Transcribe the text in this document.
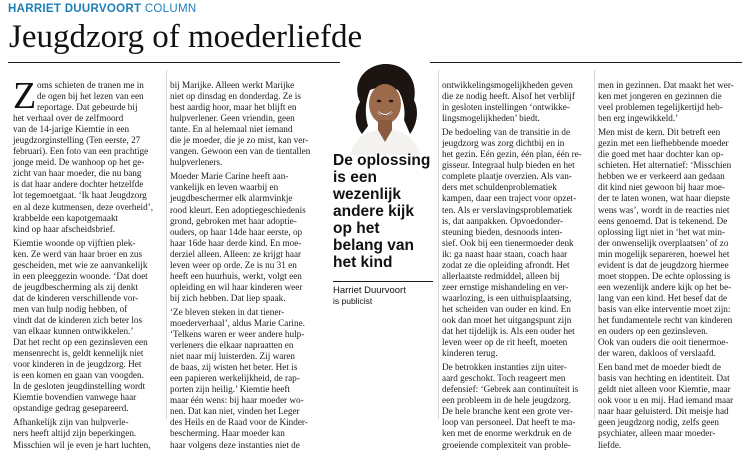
HARRIET DUURVOORT COLUMN
Jeugdzorg of moederliefde
Z oms schieten de tranen me in
de ogen bij het lezen van een
reportage. Dat gebeurde bij
het verhaal over de zelfmoord
van de 14-jarige Kiemtie in een
jeugdzorginstelling (Ten eerste, 27
februari). Een foto van een prachtige
jonge meid. De wanhoop op het ge-
zicht van haar moeder, die nu bang
is dat haar andere dochter hetzelfde
lot tegemoetgaat. ‘Ik haat Jeugdzorg
en al deze kutmensen, deze overheid’,
krabbelde een kapotgemaakt
kind op haar afscheidsbrief.
Kiemtie woonde op vijftien plek-
ken. Ze werd van haar broer en zus
gescheiden, met wie ze aanvankelijk
in een pleeggezin woonde. ‘Dat doet
de jeugdbescherming als zij denkt
dat de kinderen verschillende vor-
men van hulp nodig hebben, of
vindt dat de kinderen zich beter los
van elkaar kunnen ontwikkelen.’
Dat het recht op een gezinsleven een
mensenrecht is, geldt kennelijk niet
voor kinderen in de jeugdzorg. Het
is een komen en gaan van voogden.
In de gesloten jeugdinstelling wordt
Kiemtie bovendien vanwege haar
opstandige gedrag gesepareerd.
Afhankelijk zijn van hulpverle-
ners heeft altijd zijn beperkingen.
Misschien wil je even je hart luchten,
bij Marijke. Alleen werkt Marijke
niet op dinsdag en donderdag. Ze is
best aardig hoor, maar het blijft en
hulpverlener. Geen vriendin, geen
tante. En al helemaal niet iemand
die je moeder, die je zo mist, kan ver-
vangen. Gewoon een van de tientallen
hulpverleners.
Moeder Marie Carine heeft aan-
vankelijk en leven waarbij en
jeugdbeschermer elk alarmvinkje
rood kleurt. Een adoptiegeschiedenis
grond, gebroken met haar adoptie-
ouders, op haar 14de haar eerste, op
haar 16de haar derde kind. En moe-
derziel alleen. Alleen: ze krijgt haar
leven weer op orde. Ze is nu 31 en
heeft een huurhuis, werkt, volgt een
opleiding en wil haar kinderen weer
bij zich hebben. Dat liep spaak.
‘Ze bleven steken in dat tiener-
moederverhaal’, aldus Marie Carine.
‘Telkens waren er weer andere hulp-
verleners die elkaar napraatten en
niet naar mij luisterden. Zij waren
de baas, zij wisten het beter. Het is
een papieren werkelijkheid, de rap-
porten zijn heilig.’ Kiemtie heeft
maar één wens: bij haar moeder wo-
nen. Dat kan niet, vinden het Leger
des Heils en de Raad voor de Kinder-
bescherming. Haar moeder kan
haar volgens deze instanties niet de
ontwikkelingsmogelijkheden geven
die ze nodig heeft. Alsof het verblijf
in gesloten instellingen ‘ontwikke-
lingsmogelijkheden’ biedt.
De bedoeling van de transitie in de
jeugdzorg was zorg dichtbij en in
het gezin. Eén gezin, één plan, één re-
gisseur. Integraal hulp bieden en het
complete plaatje overzien. Als van-
ders met schuldenproblematiek
kampen, daar een traject voor opzet-
ten. Als er verslavingsproblematiek
is, dat aanpakken. Opvoedonder-
steuning bieden, desnoods inten-
sief. Ook bij een tienermoeder denk
ik: ga naast haar staan, coach haar
zodat ze die opleiding afrondt. Het
allerlaatste redmiddel, alleen bij
zeer ernstige mishandeling en ver-
waarlozing, is een uithuisplaatsing,
het scheiden van ouder en kind. En
ook dan moet het uitgangspunt zijn
dat het tijdelijk is. Als een ouder het
leven weer op de rit heeft, moeten
kinderen terug.
De betrokken instanties zijn uiter-
aard geschokt. Toch reageert men
defensief: ‘Gebrek aan continuïteit is
een probleem in de hele jeugdzorg.
De hele branche kent een grote ver-
loop van personeel. Dat heeft te ma-
ken met de enorme werkdruk en de
groeiende complexiteit van proble-
men in gezinnen. Dat maakt het wer-
ken met jongeren en gezinnen die
veel problemen tegelijkertijd heb-
ben erg ingewikkeld.’
Men mist de kern. Dit betreft een
gezin met een liefhebbende moeder
die goed met haar dochter kan op-
schieten. Het alternatief: ‘Misschien
hebben we er verkeerd aan gedaan
dit kind niet gewoon bij haar moe-
der te laten wonen, wat haar diepste
wens was’, wordt in de reacties niet
eens genoemd. Dat is tekenend. De
oplossing ligt niet in ‘het wat min-
der onwenselijk overplaatsen’ of zo
min mogelijk separeren, hoewel het
evident is dat de jeugdzorg hiermee
moet stoppen. De echte oplossing is
een wezenlijk andere kijk op het be-
lang van een kind. Het besef dat de
basis van elke interventie moet zijn:
het fundamentele recht van kinderen
en ouders op een gezinsleven.
Ook van ouders die ooit tienermoe-
der waren, dakloos of verslaafd.
Een band met de moeder biedt de
basis van hechting en identiteit. Dat
geldt niet alleen voor Kiemtie, maar
ook voor u en mij. Had iemand maar
naar haar geluisterd. Dit meisje had
geen jeugdzorg nodig, zelfs geen
psychiater, alleen maar moeder-
liefde.
De oplossing
is een
wezenlijk
andere kijk
op het
belang van
het kind
Harriet Duurvoort
is publicist
